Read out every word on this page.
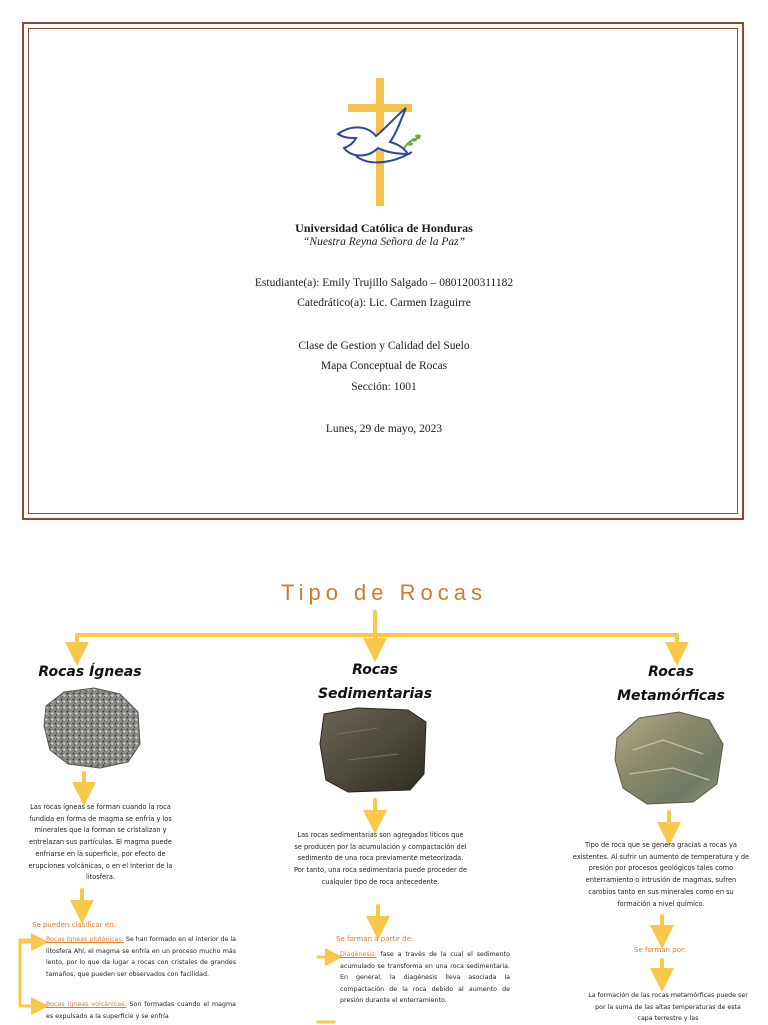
Universidad Católica de Honduras
“Nuestra Reyna Señora de la Paz”
Estudiante(a): Emily Trujillo Salgado – 0801200311182
Catedrático(a): Lic. Carmen Izaguirre
Clase de Gestion y Calidad del Suelo
Mapa Conceptual de Rocas
Sección: 1001
Lunes, 29 de mayo, 2023
Tipo de Rocas
Rocas Ígneas	Rocas Sedimentarias
Rocas Metamórficas
Las rocas ígneas se forman cuando la roca fundida en forma de magma se enfría y los minerales que la forman se cristalizan y entrelazan sus partículas. El magma puede enfriarse en la superficie, por efecto de erupciones volcánicas, o en el interior de la litosfera.
Las rocas sedimentarias son agregados líticos que se producen por la acumulación y compactación del sedimento de una roca previamente meteorizada. Por tanto, una roca sedimentaria puede proceder de cualquier tipo de roca antecedente.
Tipo de roca que se genera gracias a rocas ya existentes. Al sufrir un aumento de temperatura y de presión por procesos geológicos tales como enterramiento o intrusión de magmas, sufren cambios tanto en sus minerales como en su formación a nivel químico.
Se pueden clasificar en:
Se forman a partir de:
Se forman por:
Rocas ígneas plutónicas: Se han formado en el interior de la litosfera Ahí, el magma se enfría en un proceso mucho más lento, por lo que da lugar a rocas con cristales de grandes tamaños, que pueden ser observados con facilidad.
Rocas ígneas volcánicas: Son formadas cuando el magma es expulsado a la superficie y se enfría
Diagénesis: fase a través de la cual el sedimento acumulado se transforma en una roca sedimentaria. En general, la diagénesis lleva asociada la compactación de la roca debido al aumento de presión durante el enterramiento.
La formación de las rocas metamórficas puede ser por la suma de las altas temperaturas de esta capa terrestre y las
